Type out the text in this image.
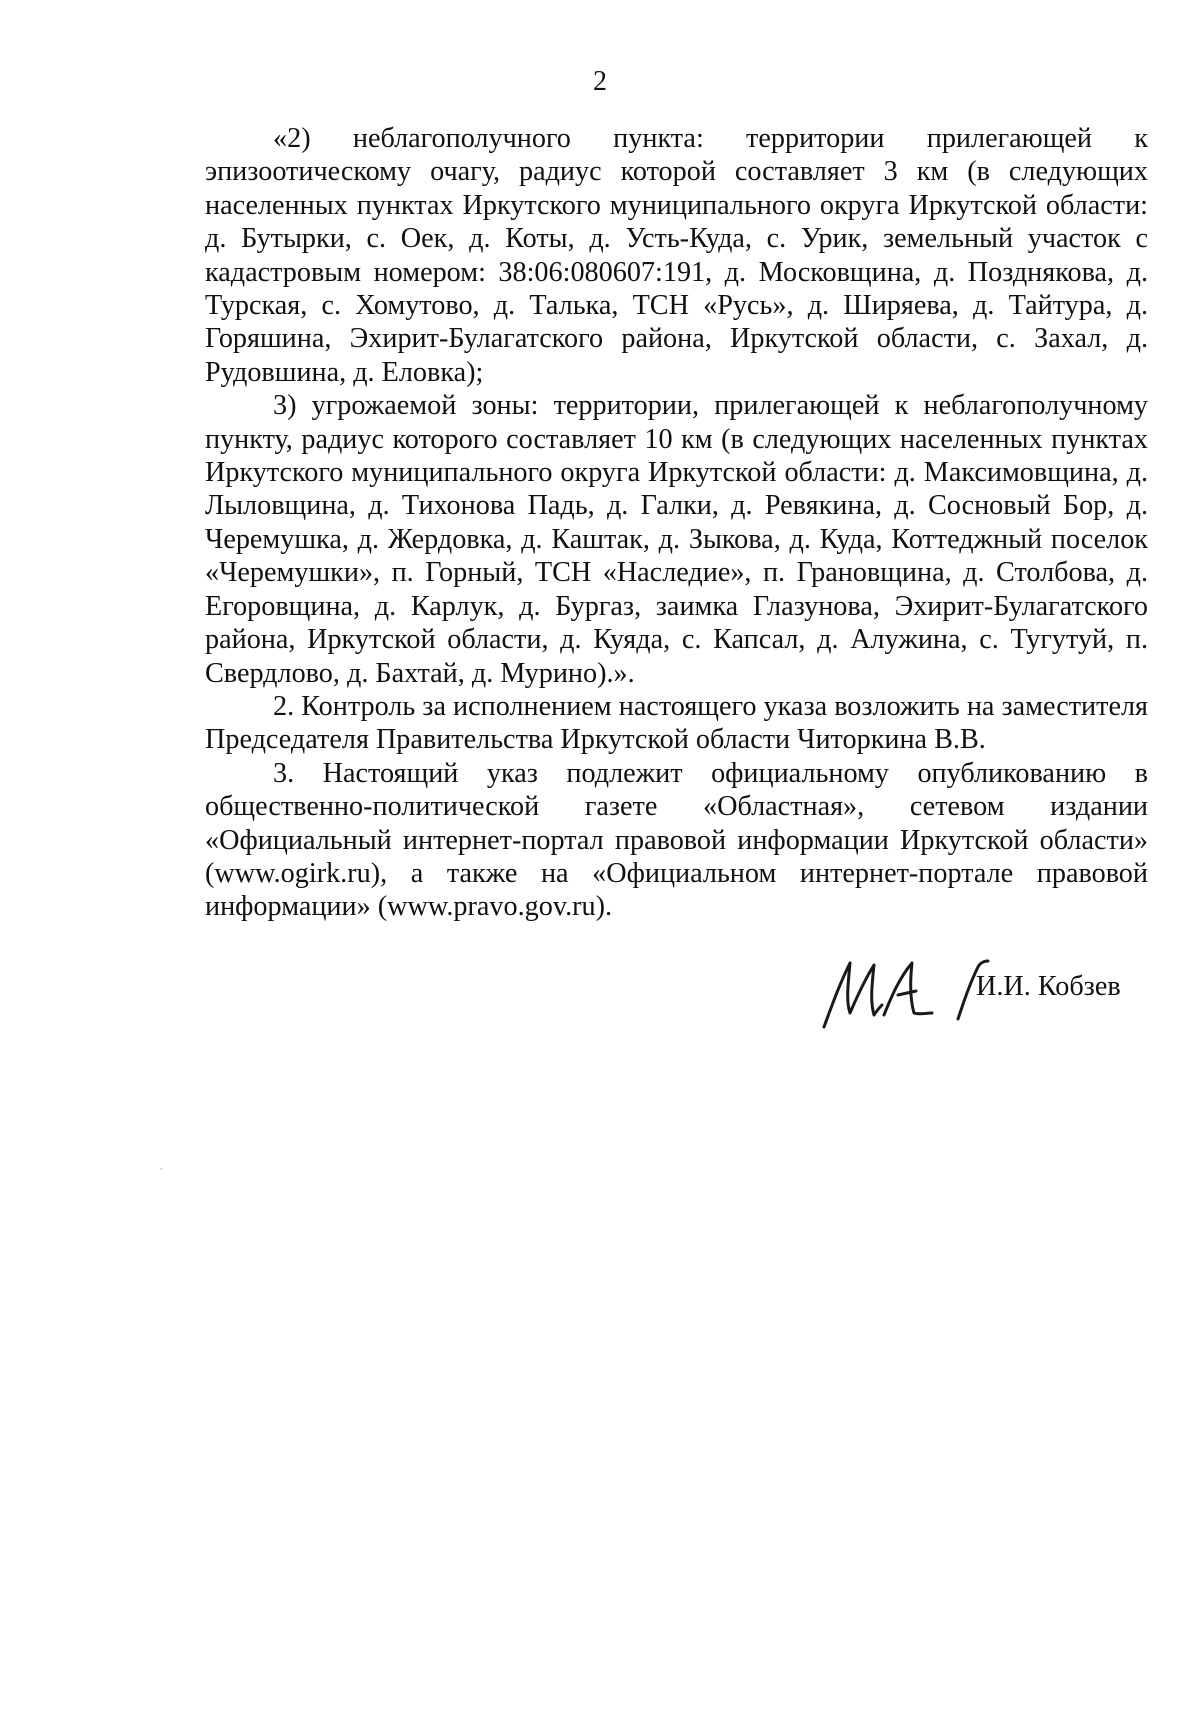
2

«2) неблагополучного пункта: территории прилегающей к эпизоотическому очагу, радиус которой составляет 3 км (в следующих населенных пунктах Иркутского муниципального округа Иркутской области: д. Бутырки, с. Оек, д. Коты, д. Усть-Куда, с. Урик, земельный участок с кадастровым номером: 38:06:080607:191, д. Московщина, д. Позднякова, д. Турская, с. Хомутово, д. Талька, ТСН «Русь», д. Ширяева, д. Тайтура, д. Горяшина, Эхирит-Булагатского района, Иркутской области, с. Захал, д. Рудовшина, д. Еловка);

3) угрожаемой зоны: территории, прилегающей к неблагополучному пункту, радиус которого составляет 10 км (в следующих населенных пунктах Иркутского муниципального округа Иркутской области: д. Максимовщина, д. Лыловщина, д. Тихонова Падь, д. Галки, д. Ревякина, д. Сосновый Бор, д. Черемушка, д. Жердовка, д. Каштак, д. Зыкова, д. Куда, Коттеджный поселок «Черемушки», п. Горный, ТСН «Наследие», п. Грановщина, д. Столбова, д. Егоровщина, д. Карлук, д. Бургаз, заимка Глазунова, Эхирит-Булагатского района, Иркутской области, д. Куяда, с. Капсал, д. Алужина, с. Тугутуй, п. Свердлово, д. Бахтай, д. Мурино).».

2. Контроль за исполнением настоящего указа возложить на заместителя Председателя Правительства Иркутской области Читоркина В.В.

3. Настоящий указ подлежит официальному опубликованию в общественно-политической газете «Областная», сетевом издании «Официальный интернет-портал правовой информации Иркутской области» (www.ogirk.ru), а также на «Официальном интернет-портале правовой информации» (www.pravo.gov.ru).

И.И. Кобзев
